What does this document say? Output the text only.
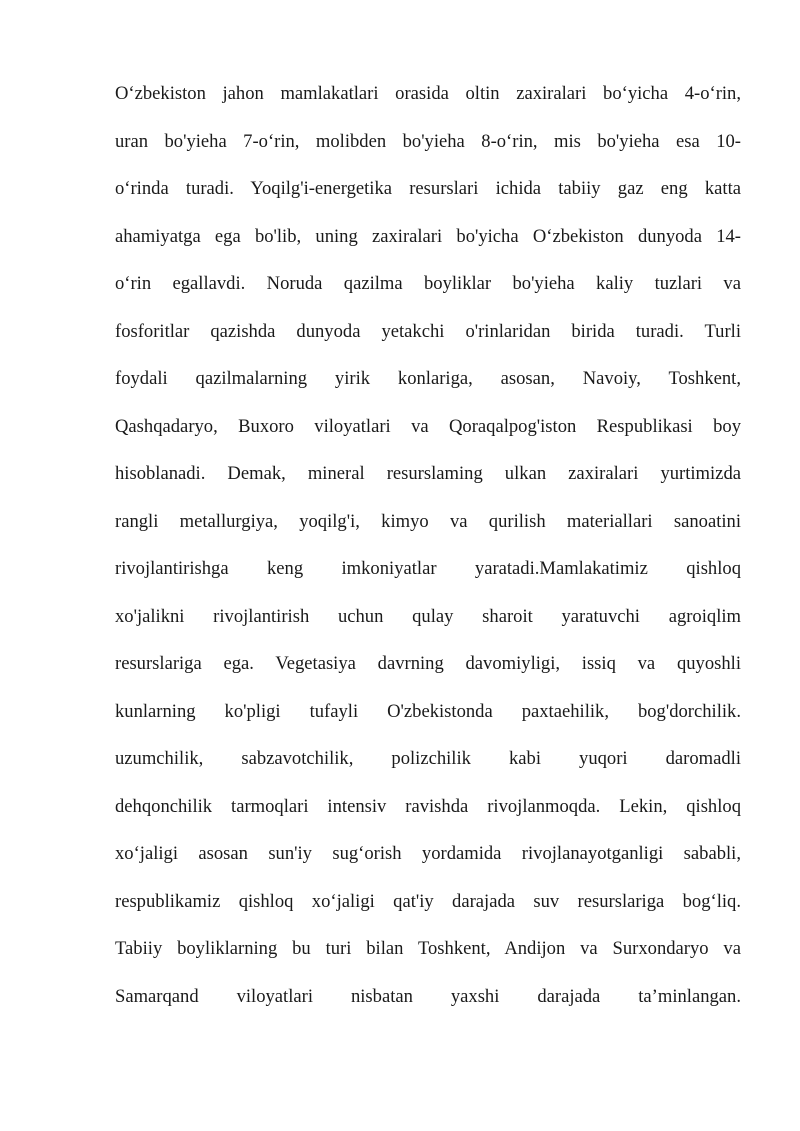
O‘zbekiston jahon mamlakatlari orasida oltin zaxiralari bo‘yicha 4-o‘rin,
uran bo'yieha 7-o‘rin, molibden bo'yieha 8-o‘rin, mis bo'yieha esa 10-
o‘rinda turadi. Yoqilg'i-energetika resurslari ichida tabiiy gaz eng katta
ahamiyatga ega bo'lib, uning zaxiralari bo'yicha O‘zbekiston dunyoda 14-
o‘rin egallavdi. Noruda qazilma boyliklar bo'yieha kaliy tuzlari va
fosforitlar qazishda dunyoda yetakchi o'rinlaridan birida turadi. Turli
foydali qazilmalarning yirik konlariga, asosan, Navoiy, Toshkent,
Qashqadaryo, Buxoro viloyatlari va Qoraqalpog'iston Respublikasi boy
hisoblanadi. Demak, mineral resurslaming ulkan zaxiralari yurtimizda
rangli metallurgiya, yoqilg'i, kimyo va qurilish materiallari sanoatini
rivojlantirishga keng imkoniyatlar yaratadi.Mamlakatimiz qishloq
xo'jalikni rivojlantirish uchun qulay sharoit yaratuvchi agroiqlim
resurslariga ega. Vegetasiya davrning davomiyligi, issiq va quyoshli
kunlarning ko'pligi tufayli O'zbekistonda paxtaehilik, bog'dorchilik.
uzumchilik, sabzavotchilik, polizchilik kabi yuqori daromadli
dehqonchilik tarmoqlari intensiv ravishda rivojlanmoqda. Lekin, qishloq
xo‘jaligi asosan sun'iy sug‘orish yordamida rivojlanayotganligi sababli,
respublikamiz qishloq xo‘jaligi qat'iy darajada suv resurslariga bog‘liq.
Tabiiy boyliklarning bu turi bilan Toshkent, Andijon va Surxondaryo va
Samarqand viloyatlari nisbatan yaxshi darajada ta’minlangan.
